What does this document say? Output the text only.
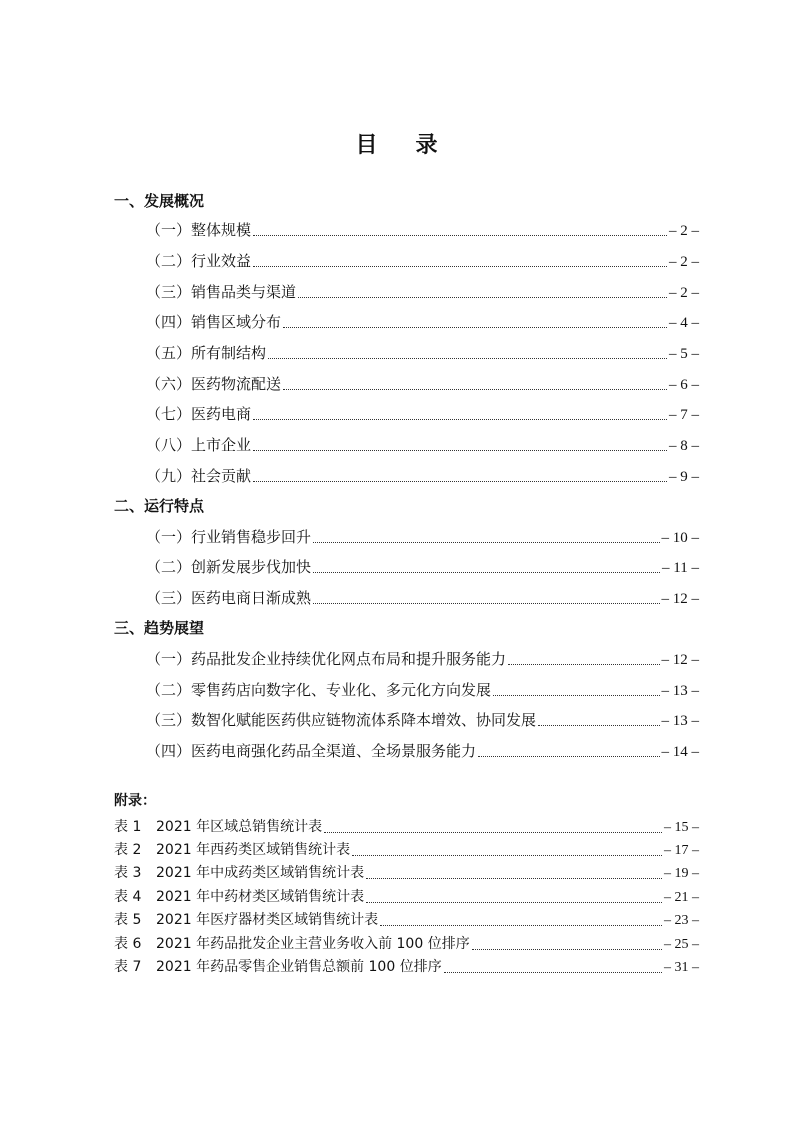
目 录
一、发展概况
（一）整体规模	– 2 –
（二）行业效益	– 2 –
（三）销售品类与渠道	– 2 –
（四）销售区域分布	– 4 –
（五）所有制结构	– 5 –
（六）医药物流配送	– 6 –
（七）医药电商	– 7 –
（八）上市企业	– 8 –
（九）社会贡献	– 9 –
二、运行特点
（一）行业销售稳步回升	– 10 –
（二）创新发展步伐加快	– 11 –
（三）医药电商日渐成熟	– 12 –
三、趋势展望
（一）药品批发企业持续优化网点布局和提升服务能力	– 12 –
（二）零售药店向数字化、专业化、多元化方向发展	– 13 –
（三）数智化赋能医药供应链物流体系降本增效、协同发展	– 13 –
（四）医药电商强化药品全渠道、全场景服务能力	– 14 –
附录：
表 1 2021 年区域总销售统计表	– 15 –
表 2 2021 年西药类区域销售统计表	– 17 –
表 3 2021 年中成药类区域销售统计表	– 19 –
表 4 2021 年中药材类区域销售统计表	– 21 –
表 5 2021 年医疗器材类区域销售统计表	– 23 –
表 6 2021 年药品批发企业主营业务收入前 100 位排序	– 25 –
表 7 2021 年药品零售企业销售总额前 100 位排序	– 31 –
